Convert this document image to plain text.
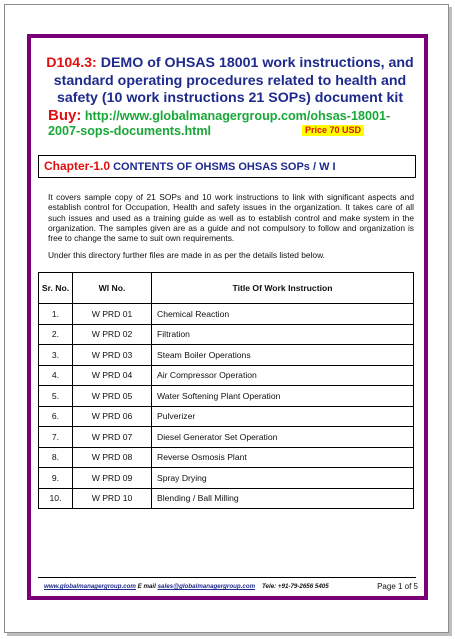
D104.3: DEMO of OHSAS 18001 work instructions, and standard operating procedures related to health and safety (10 work instructions 21 SOPs) document kit
Buy: http://www.globalmanagergroup.com/ohsas-18001-2007-sops-documents.html	Price 70 USD
Chapter-1.0 CONTENTS OF OHSMS OHSAS SOPs / W I
It covers sample copy of 21 SOPs and 10 work instructions to link with significant aspects and establish control for Occupation, Health and safety issues in the organization. It takes care of all such issues and used as a training guide as well as to establish control and make system in the organization. The samples given are as a guide and not compulsory to follow and organization is free to change the same to suit own requirements.
Under this directory further files are made in as per the details listed below.
Sr. No.	WI No.	Title Of Work Instruction
1.	W PRD 01	Chemical Reaction
2.	W PRD 02	Filtration
3.	W PRD 03	Steam Boiler Operations
4.	W PRD 04	Air Compressor Operation
5.	W PRD 05	Water Softening Plant Operation
6.	W PRD 06	Pulverizer
7.	W PRD 07	Diesel Generator Set Operation
8.	W PRD 08	Reverse Osmosis Plant
9.	W PRD 09	Spray Drying
10.	W PRD 10	Blending / Ball Milling
www.globalmanagergroup.com E mail sales@globalmanagergroup.com Tele: +91-79-2656 5405	Page 1 of 5
